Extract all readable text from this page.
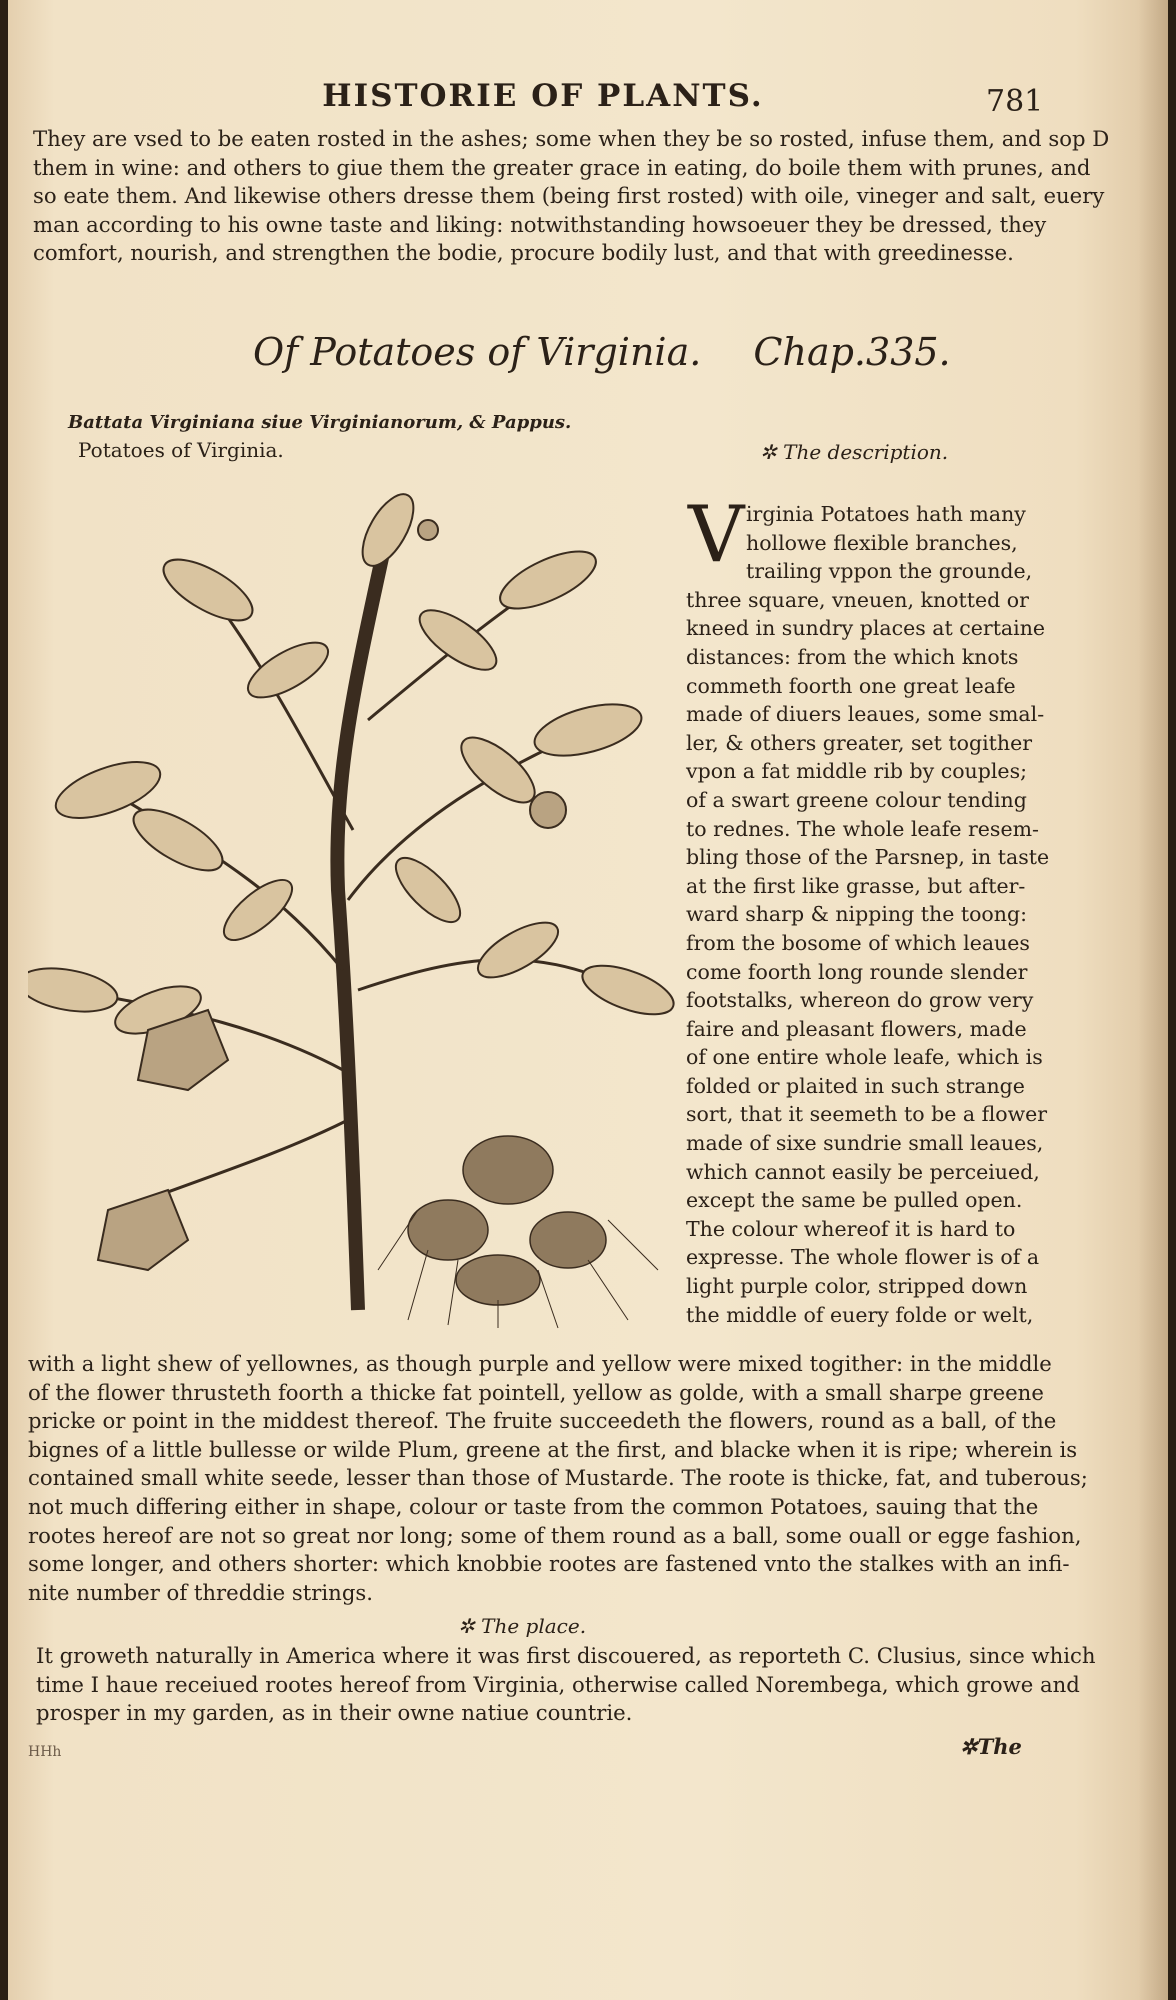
HISTORIE OF PLANTS.	781
They are vsed to be eaten rosted in the ashes; some when they be so rosted, infuse them, and sop D
them in wine: and others to giue them the greater grace in eating, do boile them with prunes, and
so eate them. And likewise others dresse them (being first rosted) with oile, vineger and salt, euery
man according to his owne taste and liking: notwithstanding howsoeuer they be dressed, they
comfort, nourish, and strengthen the bodie, procure bodily lust, and that with greedinesse.
Of Potatoes of Virginia. Chap.335.
Battata Virginiana siue Virginianorum, & Pappus.
Potatoes of Virginia.	✲ The description.
V irginia Potatoes hath many
hollowe flexible branches,
trailing vppon the grounde,
three square, vneuen, knotted or
kneed in sundry places at certaine
distances: from the which knots
commeth foorth one great leafe
made of diuers leaues, some smal-
ler, & others greater, set togither
vpon a fat middle rib by couples;
of a swart greene colour tending
to rednes. The whole leafe resem-
bling those of the Parsnep, in taste
at the first like grasse, but after-
ward sharp & nipping the toong:
from the bosome of which leaues
come foorth long rounde slender
footstalks, whereon do grow very
faire and pleasant flowers, made
of one entire whole leafe, which is
folded or plaited in such strange
sort, that it seemeth to be a flower
made of sixe sundrie small leaues,
which cannot easily be perceiued,
except the same be pulled open.
The colour whereof it is hard to
expresse. The whole flower is of a
light purple color, stripped down
the middle of euery folde or welt,
with a light shew of yellownes, as though purple and yellow were mixed togither: in the middle
of the flower thrusteth foorth a thicke fat pointell, yellow as golde, with a small sharpe greene
pricke or point in the middest thereof. The fruite succeedeth the flowers, round as a ball, of the
bignes of a little bullesse or wilde Plum, greene at the first, and blacke when it is ripe; wherein is
contained small white seede, lesser than those of Mustarde. The roote is thicke, fat, and tuberous;
not much differing either in shape, colour or taste from the common Potatoes, sauing that the
rootes hereof are not so great nor long; some of them round as a ball, some ouall or egge fashion,
some longer, and others shorter: which knobbie rootes are fastened vnto the stalkes with an infi-
nite number of threddie strings.
✲ The place.
It groweth naturally in America where it was first discouered, as reporteth C. Clusius, since which
time I haue receiued rootes hereof from Virginia, otherwise called Norembega, which growe and
prosper in my garden, as in their owne natiue countrie.
HHh	✲The
